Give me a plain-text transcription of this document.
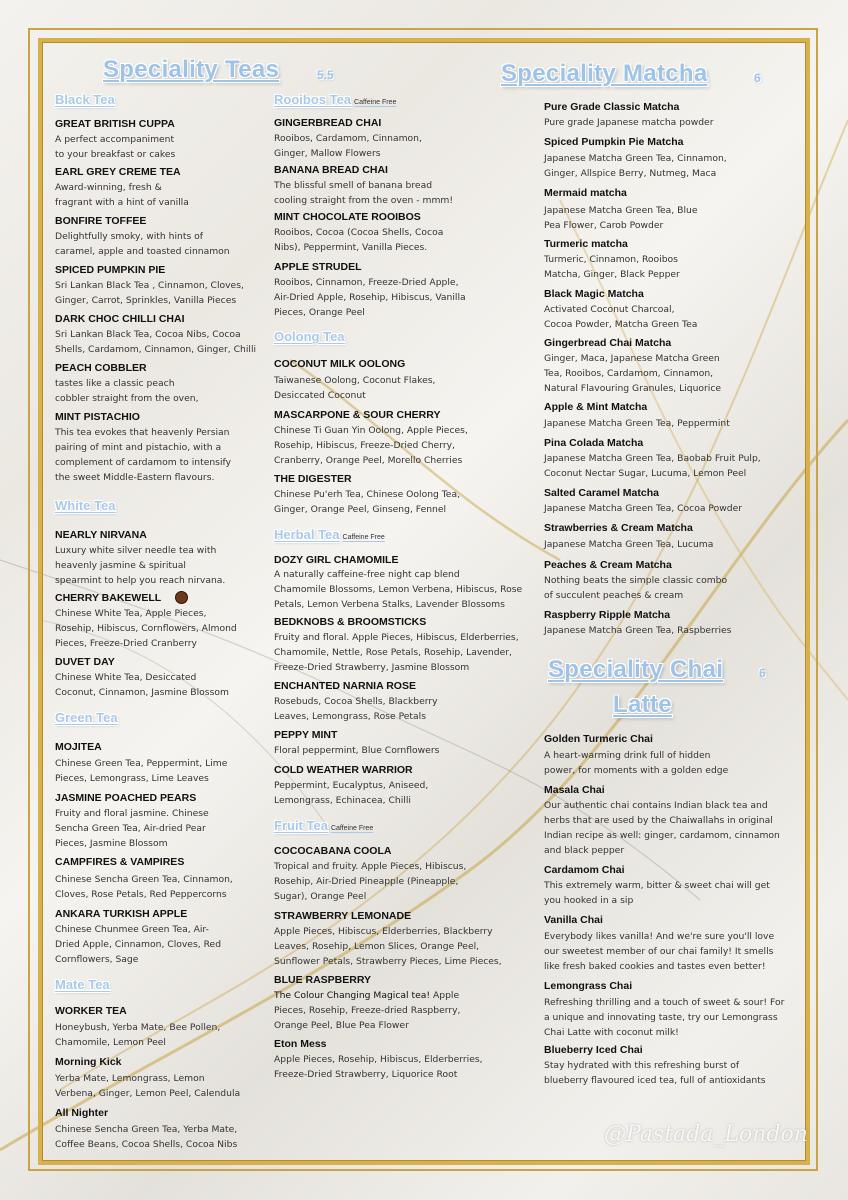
Speciality Teas	5.5
Black Tea
GREAT BRITISH CUPPA
A perfect accompaniment
to your breakfast or cakes
EARL GREY CREME TEA
Award-winning, fresh &
fragrant with a hint of vanilla
BONFIRE TOFFEE
Delightfully smoky, with hints of
caramel, apple and toasted cinnamon
SPICED PUMPKIN PIE
Sri Lankan Black Tea , Cinnamon, Cloves,
Ginger, Carrot, Sprinkles, Vanilla Pieces
DARK CHOC CHILLI CHAI
Sri Lankan Black Tea, Cocoa Nibs, Cocoa
Shells, Cardamom, Cinnamon, Ginger, Chilli
PEACH COBBLER
tastes like a classic peach
cobbler straight from the oven,
MINT PISTACHIO
This tea evokes that heavenly Persian
pairing of mint and pistachio, with a
complement of cardamom to intensify
the sweet Middle-Eastern flavours.
White Tea
NEARLY NIRVANA
Luxury white silver needle tea with
heavenly jasmine & spiritual
spearmint to help you reach nirvana.
CHERRY BAKEWELL
Chinese White Tea, Apple Pieces,
Rosehip, Hibiscus, Cornflowers, Almond
Pieces, Freeze-Dried Cranberry
DUVET DAY
Chinese White Tea, Desiccated
Coconut, Cinnamon, Jasmine Blossom
Green Tea
MOJITEA
Chinese Green Tea, Peppermint, Lime
Pieces, Lemongrass, Lime Leaves
JASMINE POACHED PEARS
Fruity and floral jasmine. Chinese
Sencha Green Tea, Air-dried Pear
Pieces, Jasmine Blossom
CAMPFIRES & VAMPIRES
Chinese Sencha Green Tea, Cinnamon,
Cloves, Rose Petals, Red Peppercorns
ANKARA TURKISH APPLE
Chinese Chunmee Green Tea, Air-
Dried Apple, Cinnamon, Cloves, Red
Cornflowers, Sage
Mate Tea
WORKER TEA
Honeybush, Yerba Mate, Bee Pollen,
Chamomile, Lemon Peel
Morning Kick
Yerba Mate, Lemongrass, Lemon
Verbena, Ginger, Lemon Peel, Calendula
All Nighter
Chinese Sencha Green Tea, Yerba Mate,
Coffee Beans, Cocoa Shells, Cocoa Nibs
Rooibos Tea Caffeine Free
GINGERBREAD CHAI
Rooibos, Cardamom, Cinnamon,
Ginger, Mallow Flowers
BANANA BREAD CHAI
The blissful smell of banana bread
cooling straight from the oven - mmm!
MINT CHOCOLATE ROOIBOS
Rooibos, Cocoa (Cocoa Shells, Cocoa
Nibs), Peppermint, Vanilla Pieces.
APPLE STRUDEL
Rooibos, Cinnamon, Freeze-Dried Apple,
Air-Dried Apple, Rosehip, Hibiscus, Vanilla
Pieces, Orange Peel
Oolong Tea
COCONUT MILK OOLONG
Taiwanese Oolong, Coconut Flakes,
Desiccated Coconut
MASCARPONE & SOUR CHERRY
Chinese Ti Guan Yin Oolong, Apple Pieces,
Rosehip, Hibiscus, Freeze-Dried Cherry,
Cranberry, Orange Peel, Morello Cherries
THE DIGESTER
Chinese Pu'erh Tea, Chinese Oolong Tea,
Ginger, Orange Peel, Ginseng, Fennel
Herbal Tea Caffeine Free
DOZY GIRL CHAMOMILE
A naturally caffeine-free night cap blend
Chamomile Blossoms, Lemon Verbena, Hibiscus, Rose
Petals, Lemon Verbena Stalks, Lavender Blossoms
BEDKNOBS & BROOMSTICKS
Fruity and floral. Apple Pieces, Hibiscus, Elderberries,
Chamomile, Nettle, Rose Petals, Rosehip, Lavender,
Freeze-Dried Strawberry, Jasmine Blossom
ENCHANTED NARNIA ROSE
Rosebuds, Cocoa Shells, Blackberry
Leaves, Lemongrass, Rose Petals
PEPPY MINT
Floral peppermint, Blue Cornflowers
COLD WEATHER WARRIOR
Peppermint, Eucalyptus, Aniseed,
Lemongrass, Echinacea, Chilli
Fruit Tea Caffeine Free
COCOCABANA COOLA
Tropical and fruity. Apple Pieces, Hibiscus,
Rosehip, Air-Dried Pineapple (Pineapple,
Sugar), Orange Peel
STRAWBERRY LEMONADE
Apple Pieces, Hibiscus, Elderberries, Blackberry
Leaves, Rosehip, Lemon Slices, Orange Peel,
Sunflower Petals, Strawberry Pieces, Lime Pieces,
BLUE RASPBERRY
The Colour Changing Magical tea! Apple
Pieces, Rosehip, Freeze-dried Raspberry,
Orange Peel, Blue Pea Flower
Eton Mess
Apple Pieces, Rosehip, Hibiscus, Elderberries,
Freeze-Dried Strawberry, Liquorice Root
Speciality Matcha	6
Pure Grade Classic Matcha
Pure grade Japanese matcha powder
Spiced Pumpkin Pie Matcha
Japanese Matcha Green Tea, Cinnamon,
Ginger, Allspice Berry, Nutmeg, Maca
Mermaid matcha
Japanese Matcha Green Tea, Blue
Pea Flower, Carob Powder
Turmeric matcha
Turmeric, Cinnamon, Rooibos
Matcha, Ginger, Black Pepper
Black Magic Matcha
Activated Coconut Charcoal,
Cocoa Powder, Matcha Green Tea
Gingerbread Chai Matcha
Ginger, Maca, Japanese Matcha Green
Tea, Rooibos, Cardamom, Cinnamon,
Natural Flavouring Granules, Liquorice
Apple & Mint Matcha
Japanese Matcha Green Tea, Peppermint
Pina Colada Matcha
Japanese Matcha Green Tea, Baobab Fruit Pulp,
Coconut Nectar Sugar, Lucuma, Lemon Peel
Salted Caramel Matcha
Japanese Matcha Green Tea, Cocoa Powder
Strawberries & Cream Matcha
Japanese Matcha Green Tea, Lucuma
Peaches & Cream Matcha
Nothing beats the simple classic combo
of succulent peaches & cream
Raspberry Ripple Matcha
Japanese Matcha Green Tea, Raspberries
Speciality Chai	6
Latte
Golden Turmeric Chai
A heart-warming drink full of hidden
power, for moments with a golden edge
Masala Chai
Our authentic chai contains Indian black tea and
herbs that are used by the Chaiwallahs in original
Indian recipe as well: ginger, cardamom, cinnamon
and black pepper
Cardamom Chai
This extremely warm, bitter & sweet chai will get
you hooked in a sip
Vanilla Chai
Everybody likes vanilla! And we're sure you'll love
our sweetest member of our chai family! It smells
like fresh baked cookies and tastes even better!
Lemongrass Chai
Refreshing thrilling and a touch of sweet & sour! For
a unique and innovating taste, try our Lemongrass
Chai Latte with coconut milk!
Blueberry Iced Chai
Stay hydrated with this refreshing burst of
blueberry flavoured iced tea, full of antioxidants
@Pastada_London
